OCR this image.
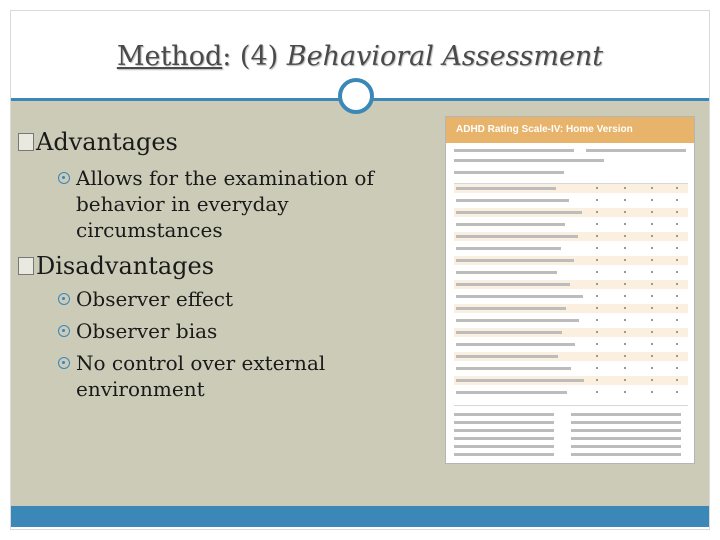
Method: (4) Behavioral Assessment
Advantages
Allows for the examination of
behavior in everyday
circumstances
Disadvantages
Observer effect
Observer bias
No control over external
environment
ADHD Rating Scale-IV: Home Version
